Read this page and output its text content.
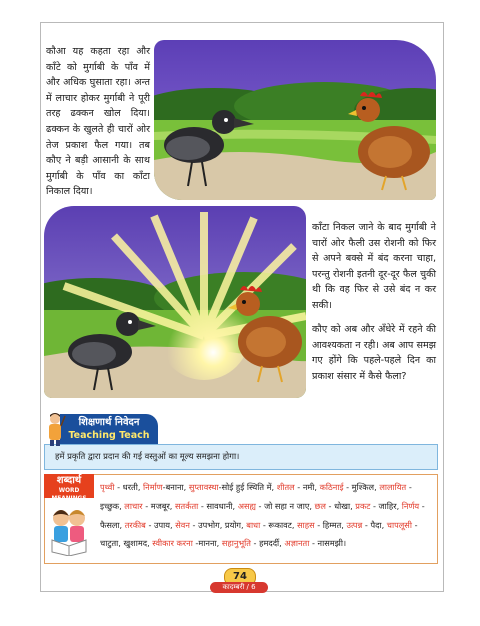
कौआ यह कहता रहा और काँटे को मुर्गाबी के पाँव में और अधिक घुसाता रहा। अन्त में लाचार होकर मुर्गाबी ने पूरी तरह ढक्कन खोल दिया। ढक्कन के खुलते ही चारों ओर तेज प्रकाश फैल गया। तब कौए ने बड़ी आसानी के साथ मुर्गाबी के पाँव का काँटा निकाल दिया।
काँटा निकल जाने के बाद मुर्गाबी ने चारों ओर फैली उस रोशनी को फिर से अपने बक्से में बंद करना चाहा, परन्तु रोशनी इतनी दूर-दूर फैल चुकी थी कि वह फिर से उसे बंद न कर सकी।
कौए को अब और अँधेरे में रहने की आवश्यकता न रही। अब आप समझ गए होंगे कि पहले-पहले दिन का प्रकाश संसार में कैसे फैला?
हमें प्रकृति द्वारा प्रदान की गई वस्तुओं का मूल्य समझना होगा।
शिक्षणार्थ निवेदन
Teaching Teach
शब्दार्थ
WORD MEANINGS
पृथ्वी - धरती, निर्माण-बनाना, सुप्तावस्था-सोई हुई स्थिति में, शीतल - नमी, कठिनाई - मुश्किल, लालायित - इच्छुक, लाचार - मजबूर, सतर्कता - सावधानी, असह्य - जो सहा न जाए, छल - धोखा, प्रकट - जाहिर, निर्णय - फैसला, तरकीब - उपाय, सेवन - उपभोग, प्रयोग, बाधा - रूकावट, साहस - हिम्मत, उत्पन्न - पैदा, चापलूसी - चाटुता, खुशामद, स्वीकार करना -मानना, सहानुभूति - हमदर्दी, अज्ञानता - नासमझी।
74
कादम्बरी / 6
